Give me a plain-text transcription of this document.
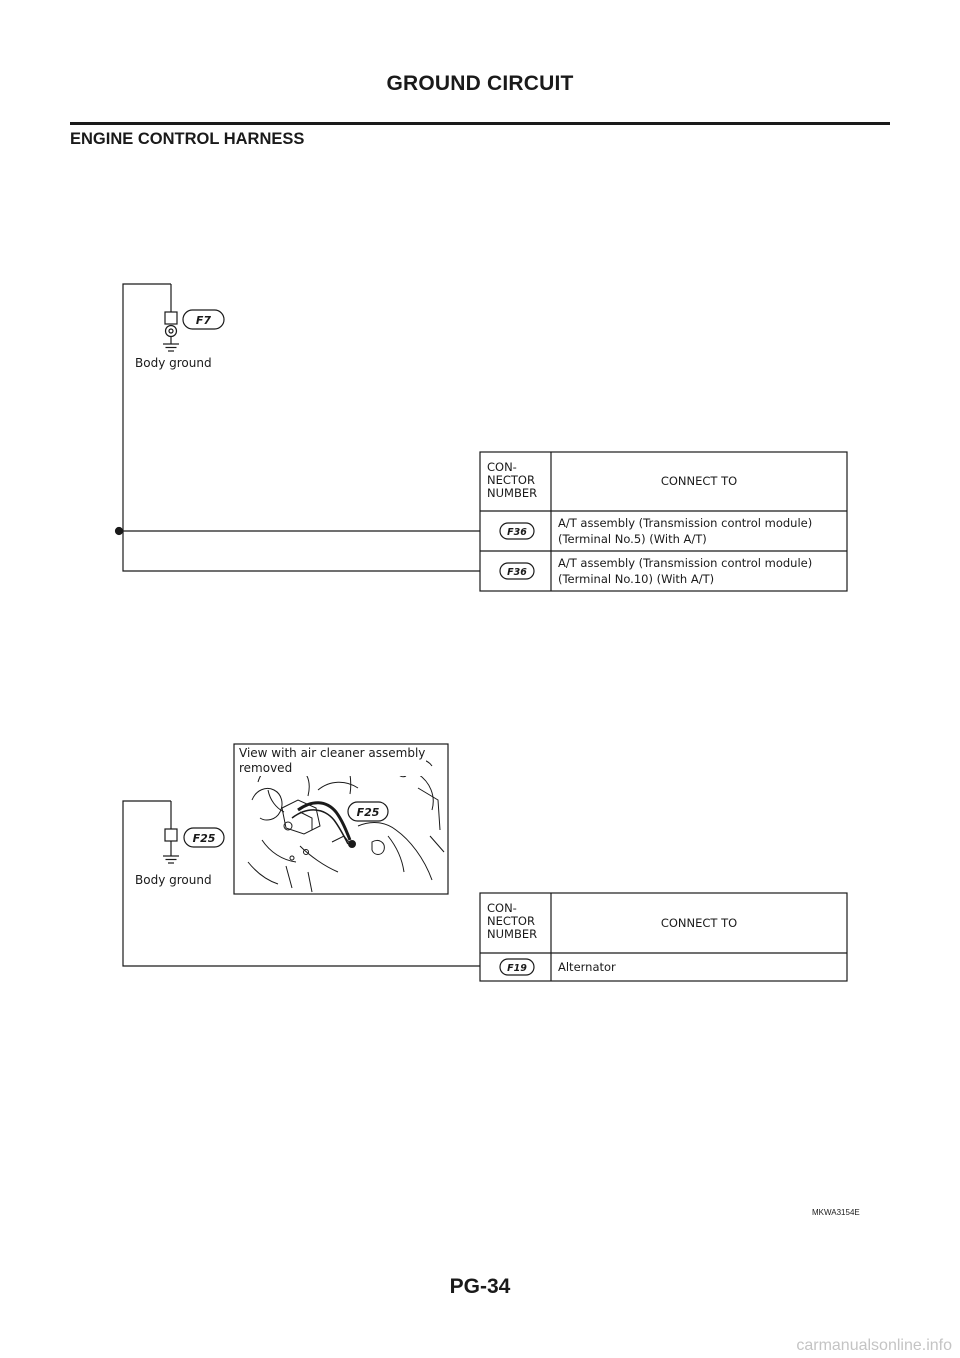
GROUND CIRCUIT
ENGINE CONTROL HARNESS
F7
Body ground
CON-
NECTOR
NUMBER
CONNECT TO
F36
A/T assembly (Transmission control module)
(Terminal No.5) (With A/T)
F36
A/T assembly (Transmission control module)
(Terminal No.10) (With A/T)
F25
Body ground
View with air cleaner assembly
removed
F25
CON-
NECTOR
NUMBER
CONNECT TO
F19	Alternator
MKWA3154E
PG-34
carmanualsonline.info
